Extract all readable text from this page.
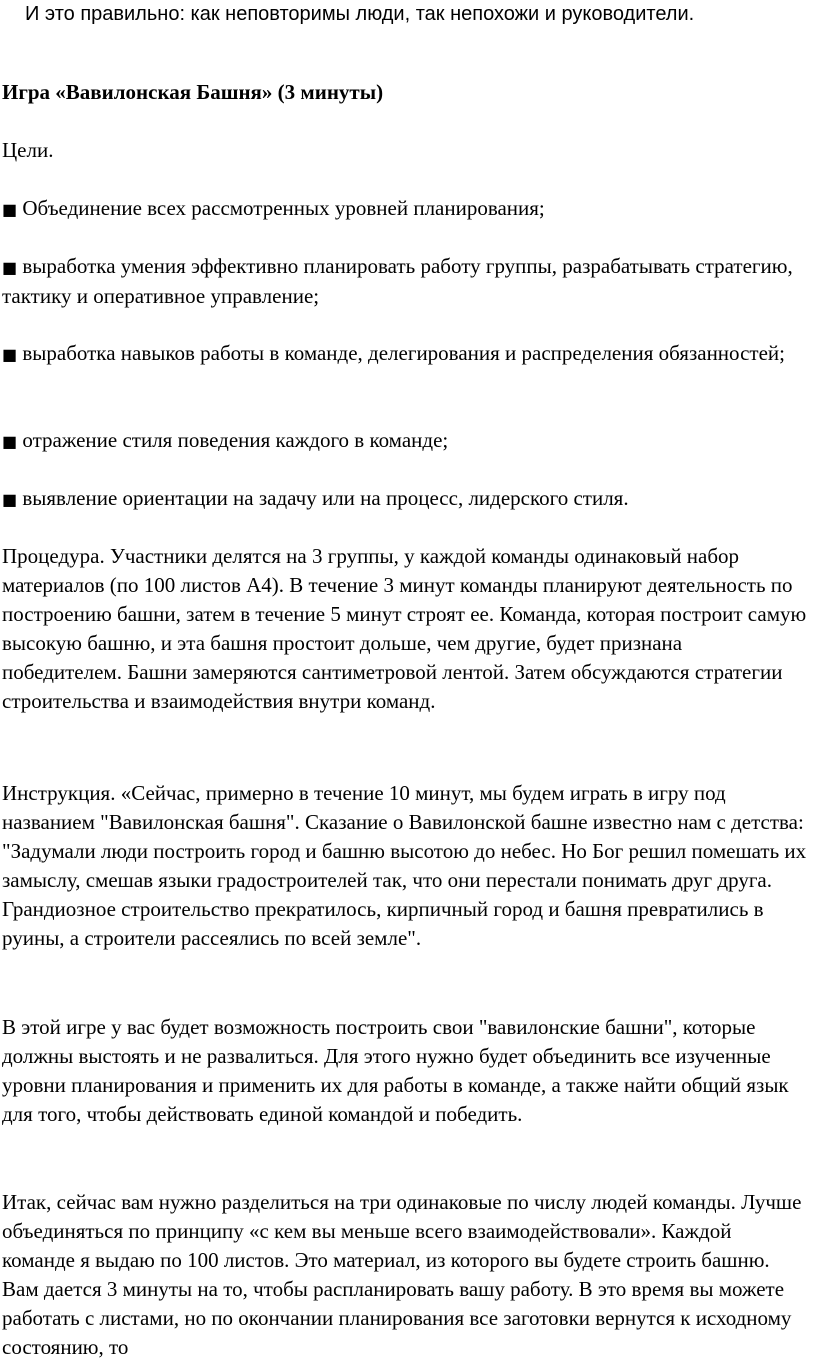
И это правильно: как неповторимы люди, так непохожи и руководители.

Игра «Вавилонская Башня» (3 минуты)

Цели.

■ Объединение всех рассмотренных уровней планирования;

■ выработка умения эффективно планировать работу группы, разрабатывать стратегию, тактику и оперативное управление;

■ выработка навыков работы в команде, делегирования и распределения обязанностей;

■ отражение стиля поведения каждого в команде;

■ выявление ориентации на задачу или на процесс, лидерского стиля.

Процедура. Участники делятся на 3 группы, у каждой команды одинаковый набор материалов (по 100 листов А4). В течение 3 минут команды планируют деятельность по построению башни, затем в течение 5 минут строят ее. Команда, которая построит самую высокую башню, и эта башня простоит дольше, чем другие, будет признана победителем. Башни замеряются сантиметровой лентой. Затем обсуждаются стратегии строительства и взаимодействия внутри команд.

Инструкция. «Сейчас, примерно в течение 10 минут, мы будем играть в игру под названием "Вавилонская башня". Сказание о Вавилонской башне известно нам с детства: "Задумали люди построить город и башню высотою до небес. Но Бог решил помешать их замыслу, смешав языки градостроителей так, что они перестали понимать друг друга. Грандиозное строительство прекратилось, кирпичный город и башня превратились в руины, а строители рассеялись по всей земле".

В этой игре у вас будет возможность построить свои "вавилонские башни", которые должны выстоять и не развалиться. Для этого нужно будет объединить все изученные уровни планирования и применить их для работы в команде, а также найти общий язык для того, чтобы действовать единой командой и победить.

Итак, сейчас вам нужно разделиться на три одинаковые по числу людей команды. Лучше объединяться по принципу «с кем вы меньше всего взаимодействовали». Каждой команде я выдаю по 100 листов. Это материал, из которого вы будете строить башню. Вам дается 3 минуты на то, чтобы распланировать вашу работу. В это время вы можете работать с листами, но по окончании планирования все заготовки вернутся к исходному состоянию, то
